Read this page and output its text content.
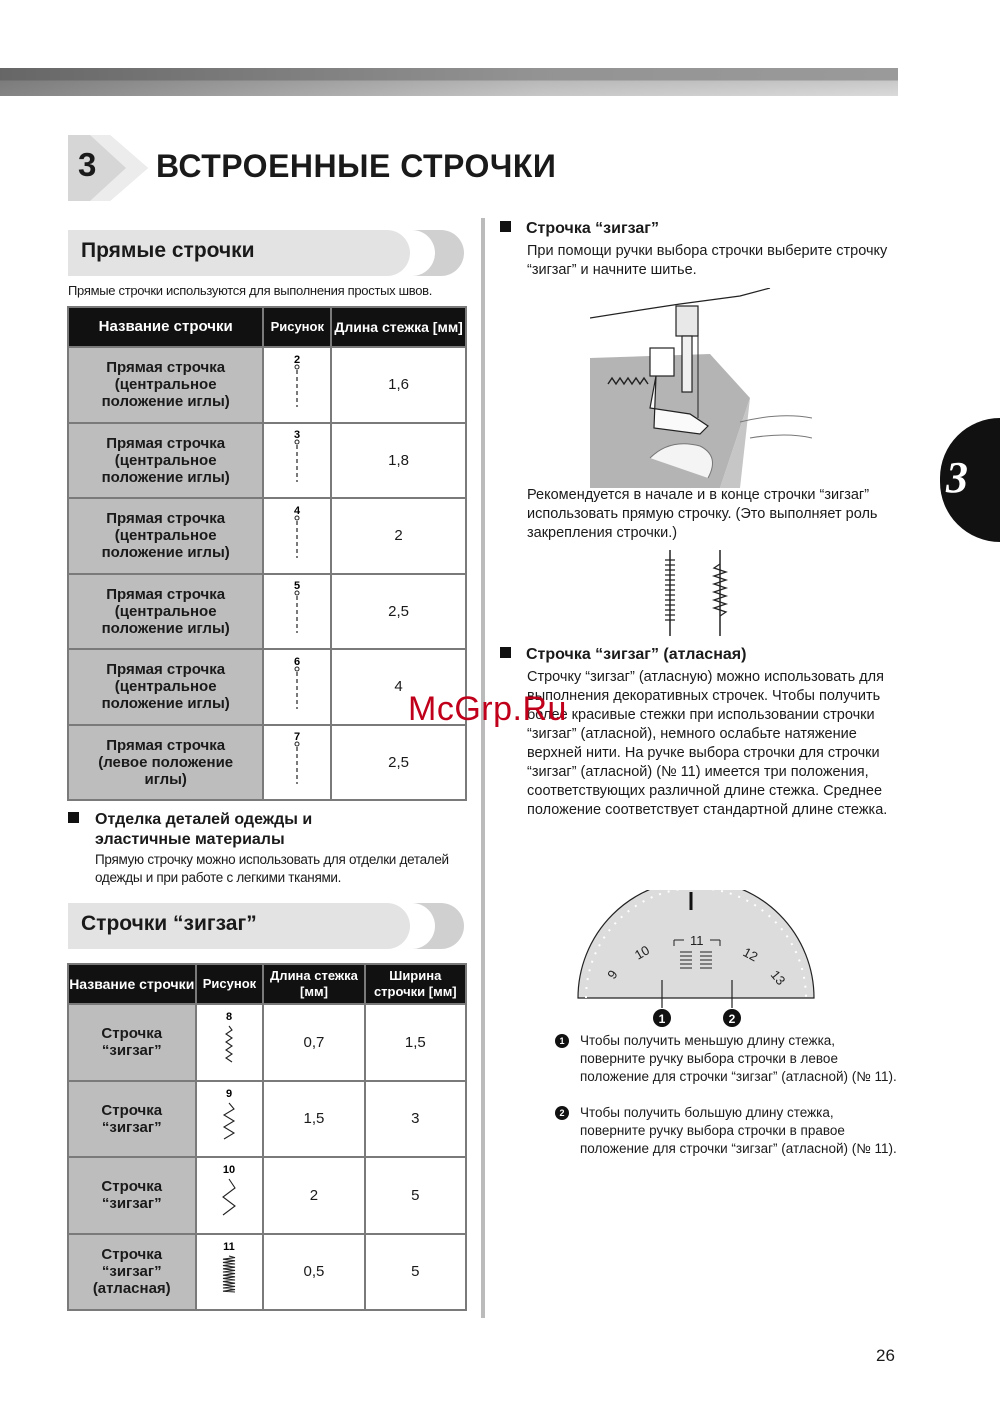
3 ВСТРОЕННЫЕ СТРОЧКИ
3
Прямые строчки
Прямые строчки используются для выполнения простых швов.
Название строчки	Рисунок	Длина стежка [мм]

Прямая строчка (центральное положение иглы)	2	1,6

Прямая строчка (центральное положение иглы)	3	1,8

Прямая строчка (центральное положение иглы)	4	2

Прямая строчка (центральное положение иглы)	5	2,5

Прямая строчка (центральное положение иглы)	6	4

Прямая строчка (левое положение иглы)	7	2,5
Отделка деталей одежды и эластичные материалы
Прямую строчку можно использовать для отделки деталей одежды и при работе с легкими тканями.
Строчки “зигзаг”
Название строчки	Рисунок	Длина стежка [мм]	Ширина строчки [мм]

Строчка “зигзаг”	8	0,7	1,5

Строчка “зигзаг”	9	1,5	3

Строчка “зигзаг”	10	2	5

Строчка “зигзаг” (атласная)	11	0,5	5
Строчка “зигзаг”
При помощи ручки выбора строчки выберите строчку “зигзаг” и начните шитье.
Рекомендуется в начале и в конце строчки “зигзаг” использовать прямую строчку. (Это выполняет роль закрепления строчки.)
Строчка “зигзаг” (атласная)
Строчку “зигзаг” (атласную) можно использовать для выполнения декоративных строчек. Чтобы получить более красивые стежки при использовании строчки “зигзаг” (атласной), немного ослабьте натяжение верхней нити. На ручке выбора строчки для строчки “зигзаг” (атласной) (№ 11) имеется три положения, соответствующих различной длине стежка. Среднее положение соответствует стандартной длине стежка.
McGrp.Ru
9
10
11
12
13
1	2
1	Чтобы получить меньшую длину стежка, поверните ручку выбора строчки в левое положение для строчки “зигзаг” (атласной) (№ 11).
2	Чтобы получить большую длину стежка, поверните ручку выбора строчки в правое положение для строчки “зигзаг” (атласной) (№ 11).
26
